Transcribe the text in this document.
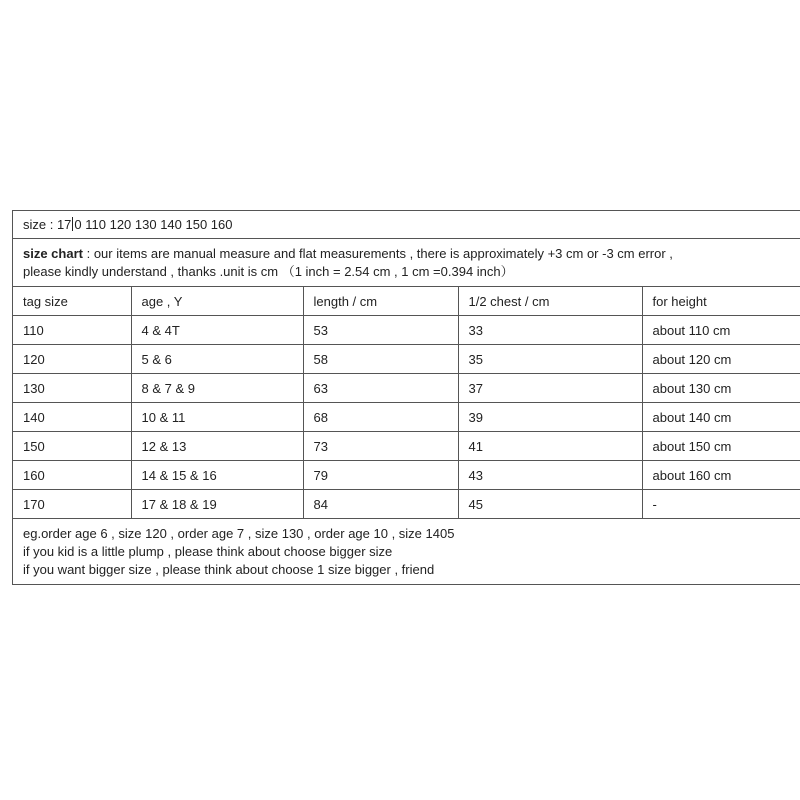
size : 17 0 110 120 130 140 150 160
size chart : our items are manual measure and flat measurements , there is approximately +3 cm or -3 cm error ,
please kindly understand , thanks .unit is cm （1 inch = 2.54 cm , 1 cm =0.394 inch）
tag size	age , Y	length / cm	1/2 chest / cm	for height
110	4 & 4T	53	33	about 110 cm
120	5 & 6	58	35	about 120 cm
130	8 & 7 & 9	63	37	about 130 cm
140	10 & 11	68	39	about 140 cm
150	12 & 13	73	41	about 150 cm
160	14 & 15 & 16	79	43	about 160 cm
170	17 & 18 & 19	84	45	-
eg.order age 6 , size 120 , order age 7 , size 130 , order age 10 , size 1405
if you kid is a little plump , please think about choose bigger size
if you want bigger size , please think about choose 1 size bigger , friend
